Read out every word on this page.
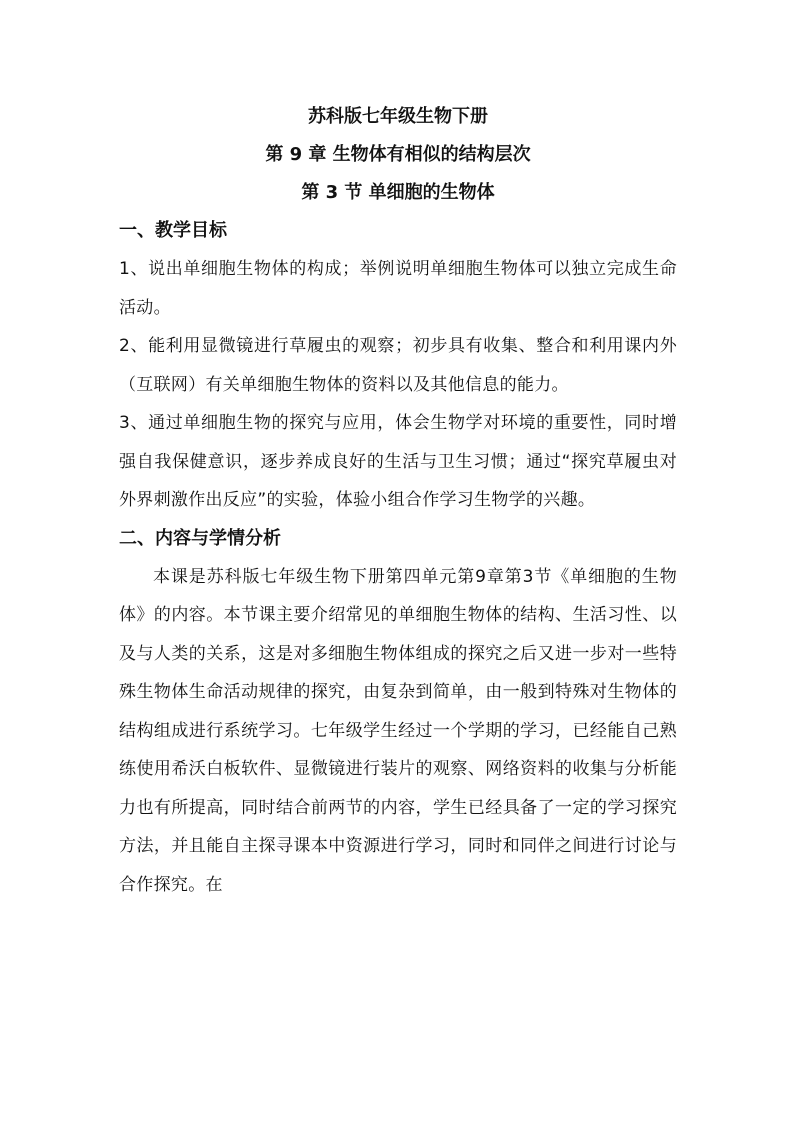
苏科版七年级生物下册

第 9 章 生物体有相似的结构层次

第 3 节 单细胞的生物体

一、教学目标

1、说出单细胞生物体的构成；举例说明单细胞生物体可以独立完成生命活动。

2、能利用显微镜进行草履虫的观察；初步具有收集、整合和利用课内外（互联网）有关单细胞生物体的资料以及其他信息的能力。

3、通过单细胞生物的探究与应用，体会生物学对环境的重要性，同时增强自我保健意识，逐步养成良好的生活与卫生习惯；通过“探究草履虫对外界刺激作出反应”的实验，体验小组合作学习生物学的兴趣。

二、内容与学情分析

本课是苏科版七年级生物下册第四单元第9章第3节《单细胞的生物体》的内容。本节课主要介绍常见的单细胞生物体的结构、生活习性、以及与人类的关系，这是对多细胞生物体组成的探究之后又进一步对一些特殊生物体生命活动规律的探究，由复杂到简单，由一般到特殊对生物体的结构组成进行系统学习。七年级学生经过一个学期的学习，已经能自己熟练使用希沃白板软件、显微镜进行装片的观察、网络资料的收集与分析能力也有所提高，同时结合前两节的内容，学生已经具备了一定的学习探究方法，并且能自主探寻课本中资源进行学习，同时和同伴之间进行讨论与合作探究。在
